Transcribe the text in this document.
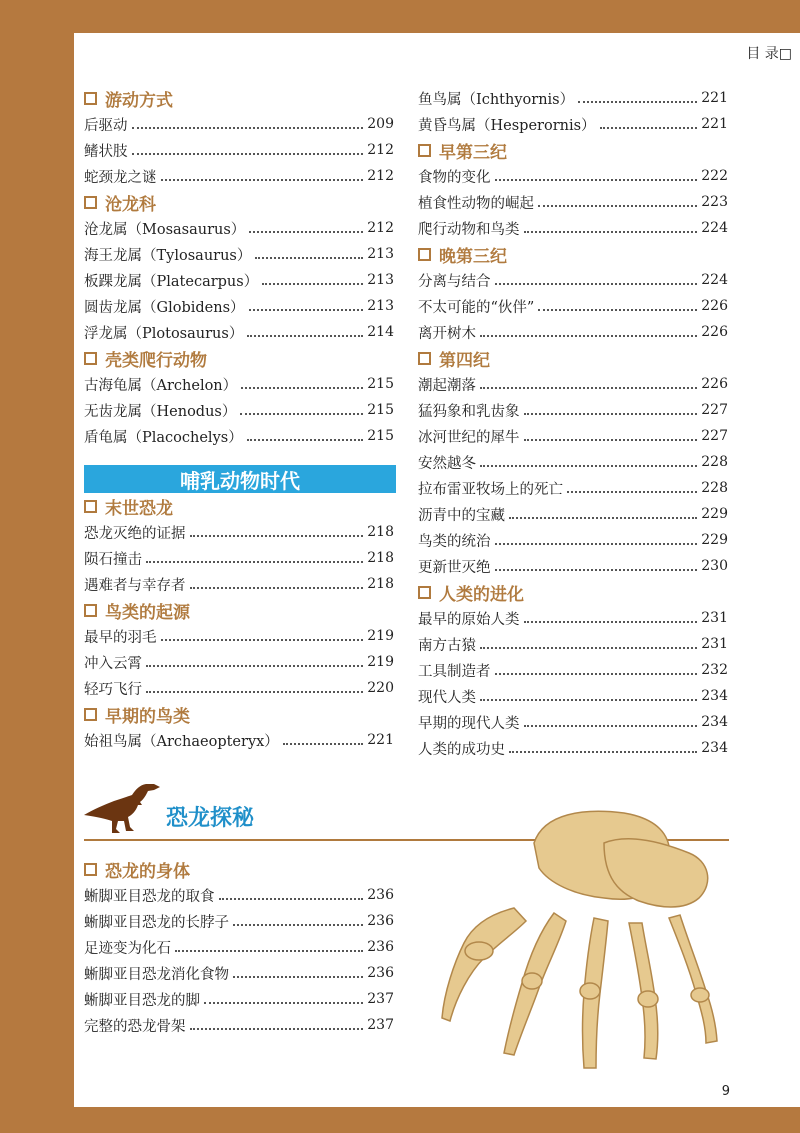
目 录□
游动方式
后驱动	209
鳍状肢	212
蛇颈龙之谜	212
沧龙科
沧龙属（Mosasaurus）	212
海王龙属（Tylosaurus）	213
板踝龙属（Platecarpus）	213
圆齿龙属（Globidens）	213
浮龙属（Plotosaurus）	214
壳类爬行动物
古海龟属（Archelon）	215
无齿龙属（Henodus）	215
盾龟属（Placochelys）	215
哺乳动物时代
末世恐龙
恐龙灭绝的证据	218
陨石撞击	218
遇难者与幸存者	218
鸟类的起源
最早的羽毛	219
冲入云霄	219
轻巧飞行	220
早期的鸟类
始祖鸟属（Archaeopteryx）	221
鱼鸟属（Ichthyornis）	221
黄昏鸟属（Hesperornis）	221
早第三纪
食物的变化	222
植食性动物的崛起	223
爬行动物和鸟类	224
晚第三纪
分离与结合	224
不太可能的“伙伴”	226
离开树木	226
第四纪
潮起潮落	226
猛犸象和乳齿象	227
冰河世纪的犀牛	227
安然越冬	228
拉布雷亚牧场上的死亡	228
沥青中的宝藏	229
鸟类的统治	229
更新世灭绝	230
人类的进化
最早的原始人类	231
南方古猿	231
工具制造者	232
现代人类	234
早期的现代人类	234
人类的成功史	234
恐龙探秘
恐龙的身体
蜥脚亚目恐龙的取食	236
蜥脚亚目恐龙的长脖子	236
足迹变为化石	236
蜥脚亚目恐龙消化食物	236
蜥脚亚目恐龙的脚	237
完整的恐龙骨架	237
9
